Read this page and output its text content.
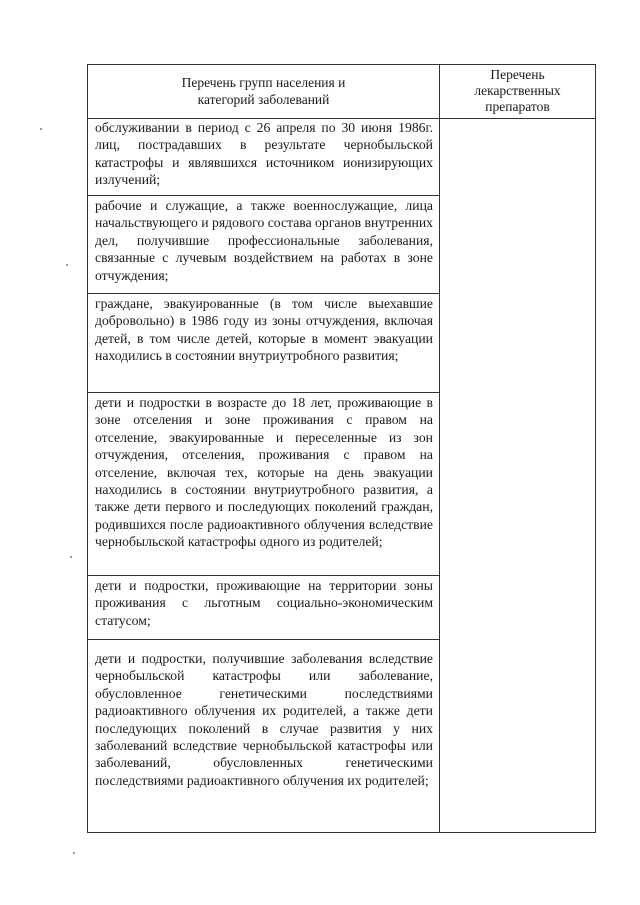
Перечень групп населения и
категорий заболеваний
Перечень
лекарственных
препаратов
обслуживании в период с 26 апреля по 30 июня 1986г. лиц, пострадавших в результате чернобыльской катастрофы и являвшихся источником ионизирующих излучений;
рабочие и служащие, а также военнослужащие, лица начальствующего и рядового состава органов внутренних дел, получившие профессиональные заболевания, связанные с лучевым воздействием на работах в зоне отчуждения;
граждане, эвакуированные (в том числе выехавшие добровольно) в 1986 году из зоны отчуждения, включая детей, в том числе детей, которые в момент эвакуации находились в состоянии внутриутробного развития;
дети и подростки в возрасте до 18 лет, проживающие в зоне отселения и зоне проживания с правом на отселение, эвакуированные и переселенные из зон отчуждения, отселения, проживания с правом на отселение, включая тех, которые на день эвакуации находились в состоянии внутриутробного развития, а также дети первого и последующих поколений граждан, родившихся после радиоактивного облучения вследствие чернобыльской катастрофы одного из родителей;
дети и подростки, проживающие на территории зоны проживания с льготным социально-экономическим статусом;
дети и подростки, получившие заболевания вследствие чернобыльской катастрофы или заболевание, обусловленное генетическими последствиями радиоактивного облучения их родителей, а также дети последующих поколений в случае развития у них заболеваний вследствие чернобыльской катастрофы или заболеваний, обусловленных генетическими последствиями радиоактивного облучения их родителей;
